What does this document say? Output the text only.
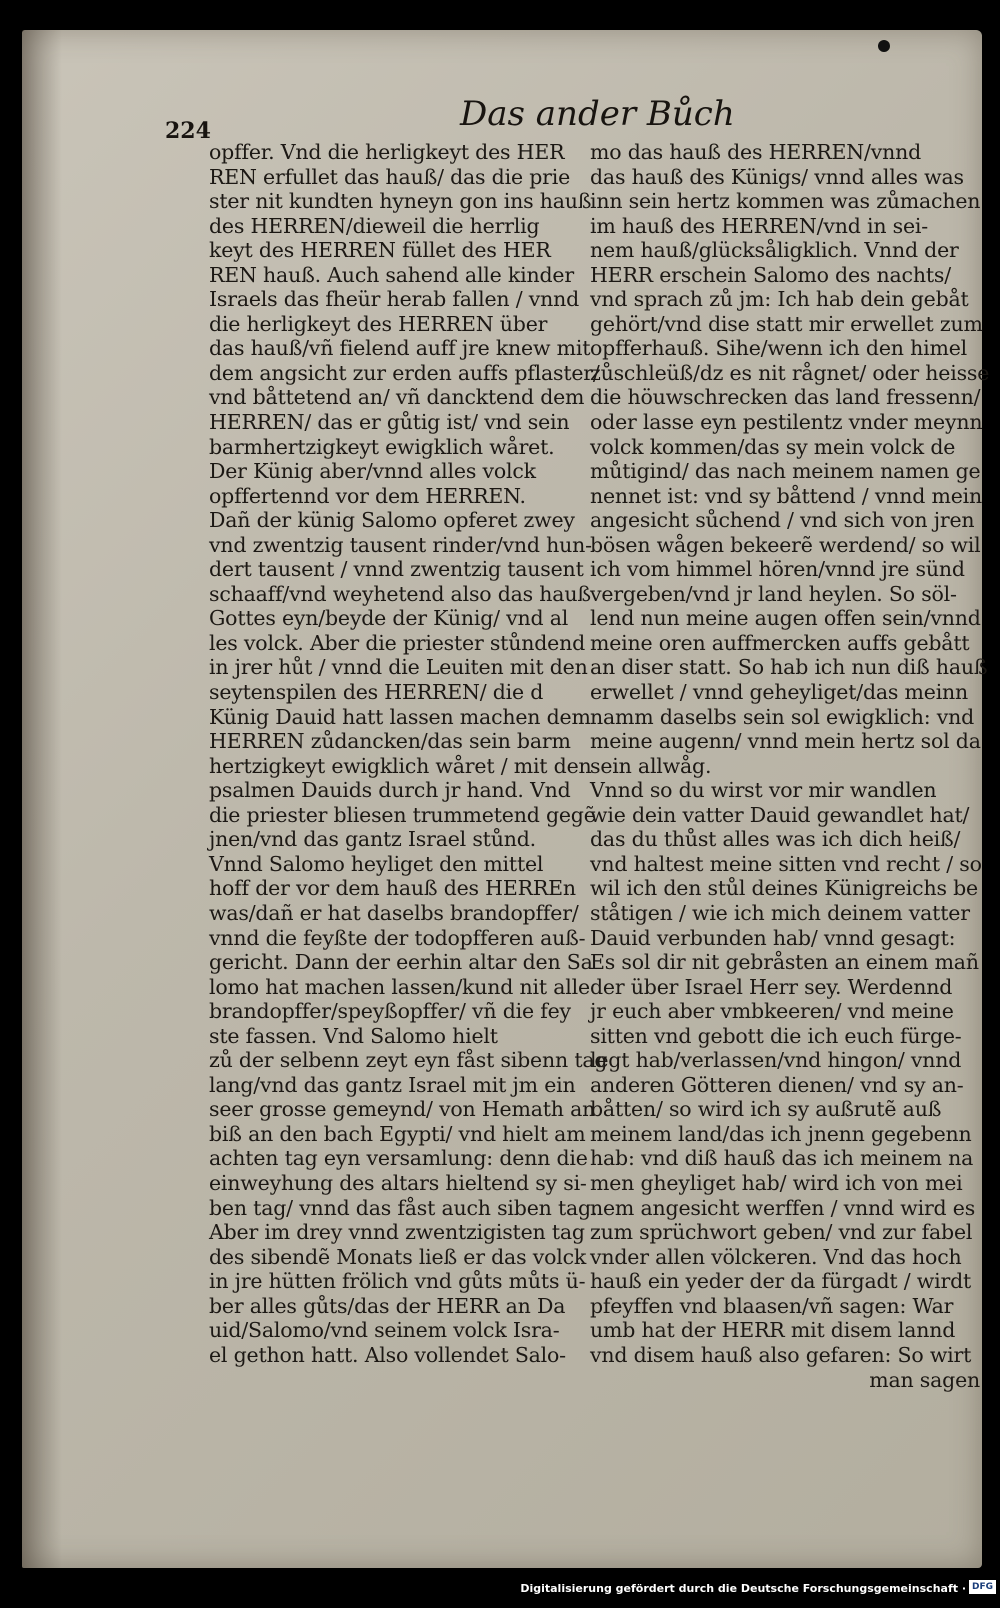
224	Das ander Bůch
opffer. Vnd die herligkeyt des HER
REN erfullet das hauß/ das die prie
ster nit kundten hyneyn gon ins hauß
des HERREN/dieweil die herrlig
keyt des HERREN füllet des HER
REN hauß. Auch sahend alle kinder
Israels das fheür herab fallen / vnnd
die herligkeyt des HERREN über
das hauß/vñ fielend auff jre knew mit
dem angsicht zur erden auffs pflaster/
vnd båttetend an/ vñ dancktend dem
HERREN/ das er gůtig ist/ vnd sein
barmhertzigkeyt ewigklich wåret.
Der Künig aber/vnnd alles volck
opffertennd vor dem HERREN.
Dañ der künig Salomo opferet zwey
vnd zwentzig tausent rinder/vnd hun-
dert tausent / vnnd zwentzig tausent
schaaff/vnd weyhetend also das hauß
Gottes eyn/beyde der Künig/ vnd al
les volck. Aber die priester stůndend
in jrer hůt / vnnd die Leuiten mit den
seytenspilen des HERREN/ die d
Künig Dauid hatt lassen machen dem
HERREN zůdancken/das sein barm
hertzigkeyt ewigklich wåret / mit den
psalmen Dauids durch jr hand. Vnd
die priester bliesen trummetend gegẽ
jnen/vnd das gantz Israel stůnd.
Vnnd Salomo heyliget den mittel
hoff der vor dem hauß des HERREn
was/dañ er hat daselbs brandopffer/
vnnd die feyßte der todopfferen auß-
gericht. Dann der eerhin altar den Sa
lomo hat machen lassen/kund nit alle
brandopffer/speyßopffer/ vñ die fey
ste fassen. Vnd Salomo hielt
zů der selbenn zeyt eyn fåst sibenn tag
lang/vnd das gantz Israel mit jm ein
seer grosse gemeynd/ von Hemath an
biß an den bach Egypti/ vnd hielt am
achten tag eyn versamlung: denn die
einweyhung des altars hieltend sy si-
ben tag/ vnnd das fåst auch siben tag.
Aber im drey vnnd zwentzigisten tag
des sibendẽ Monats ließ er das volck
in jre hütten frölich vnd gůts můts ü-
ber alles gůts/das der HERR an Da
uid/Salomo/vnd seinem volck Isra-
el gethon hatt. Also vollendet Salo-
mo das hauß des HERREN/vnnd
das hauß des Künigs/ vnnd alles was
inn sein hertz kommen was zůmachen
im hauß des HERREN/vnd in sei-
nem hauß/glücksåligklich. Vnnd der
HERR erschein Salomo des nachts/
vnd sprach zů jm: Ich hab dein gebåt
gehört/vnd dise statt mir erwellet zum
opfferhauß. Sihe/wenn ich den himel
zůschleüß/dz es nit rågnet/ oder heisse
die höuwschrecken das land fressenn/
oder lasse eyn pestilentz vnder meynn
volck kommen/das sy mein volck de
můtigind/ das nach meinem namen ge
nennet ist: vnd sy båttend / vnnd mein
angesicht sůchend / vnd sich von jren
bösen wågen bekeerẽ werdend/ so wil
ich vom himmel hören/vnnd jre sünd
vergeben/vnd jr land heylen. So söl-
lend nun meine augen offen sein/vnnd
meine oren auffmercken auffs gebått
an diser statt. So hab ich nun diß hauß
erwellet / vnnd geheyliget/das meinn
namm daselbs sein sol ewigklich: vnd
meine augenn/ vnnd mein hertz sol da
sein allwåg.
Vnnd so du wirst vor mir wandlen
wie dein vatter Dauid gewandlet hat/
das du thůst alles was ich dich heiß/
vnd haltest meine sitten vnd recht / so
wil ich den stůl deines Künigreichs be
ståtigen / wie ich mich deinem vatter
Dauid verbunden hab/ vnnd gesagt:
Es sol dir nit gebråsten an einem mañ
der über Israel Herr sey. Werdennd
jr euch aber vmbkeeren/ vnd meine
sitten vnd gebott die ich euch fürge-
legt hab/verlassen/vnd hingon/ vnnd
anderen Götteren dienen/ vnd sy an-
båtten/ so wird ich sy außrutẽ auß
meinem land/das ich jnenn gegebenn
hab: vnd diß hauß das ich meinem na
men gheyliget hab/ wird ich von mei
nem angesicht werffen / vnnd wird es
zum sprüchwort geben/ vnd zur fabel
vnder allen völckeren. Vnd das hoch
hauß ein yeder der da fürgadt / wirdt
pfeyffen vnd blaasen/vñ sagen: War
umb hat der HERR mit disem lannd
vnd disem hauß also gefaren: So wirt
man sagen
Digitalisierung gefördert durch die Deutsche Forschungsgemeinschaft · DFG
